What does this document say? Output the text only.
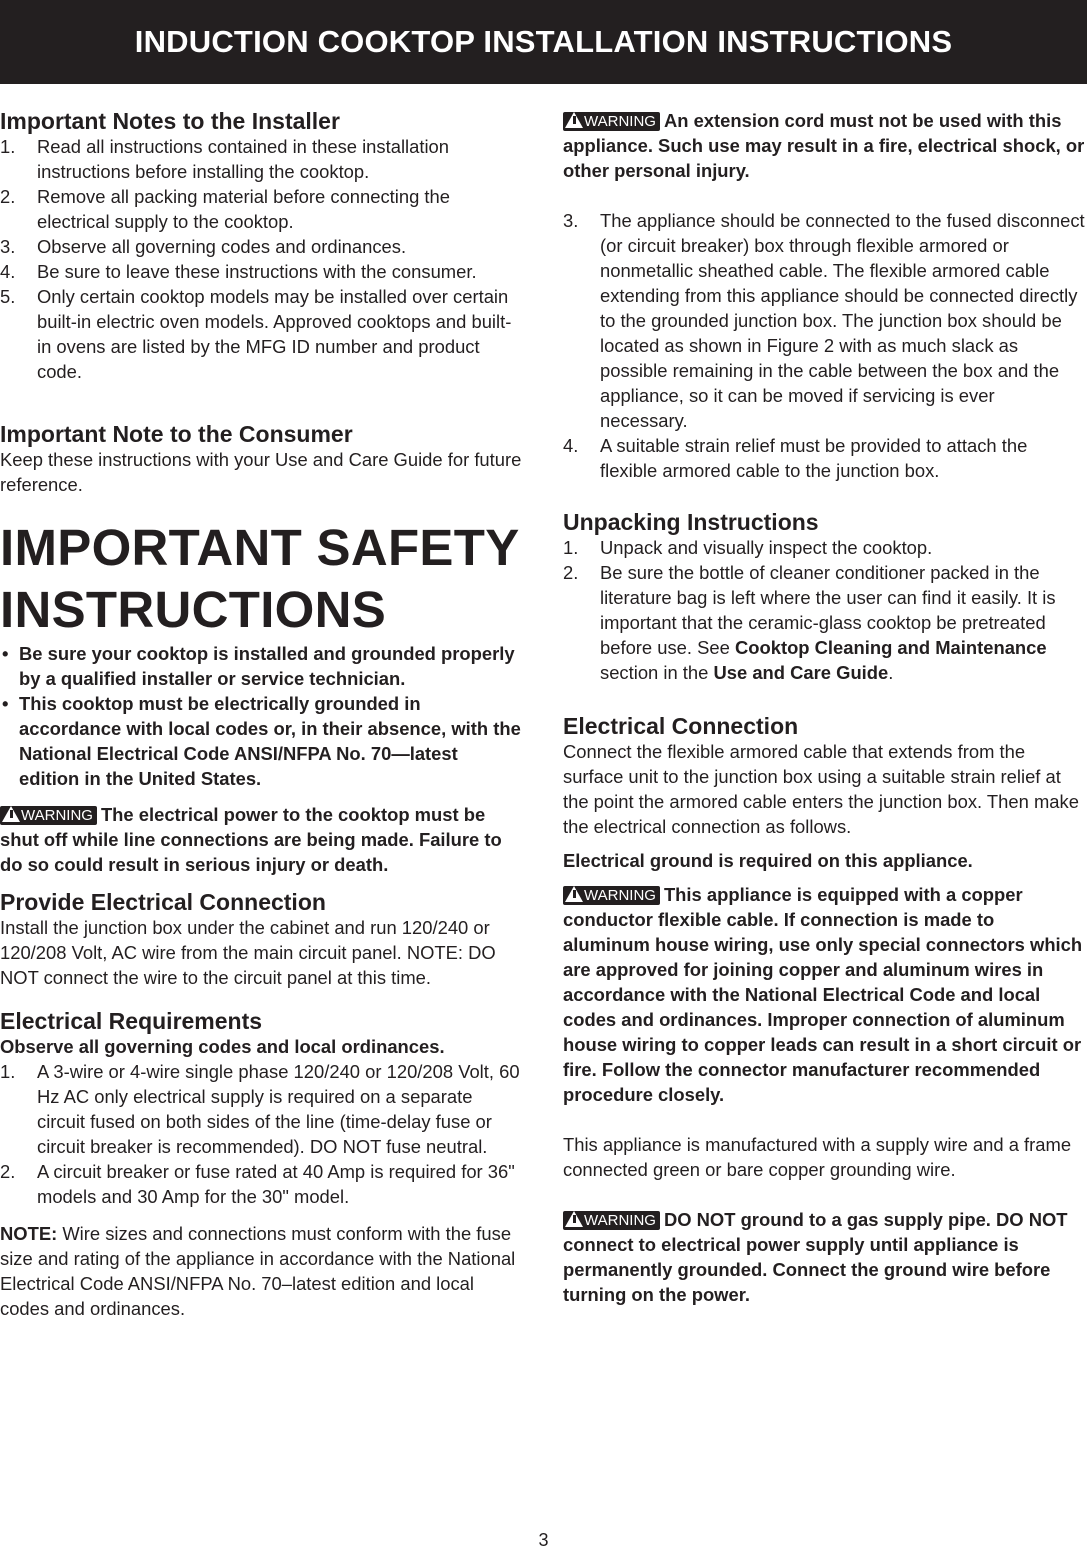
INDUCTION COOKTOP INSTALLATION INSTRUCTIONS
Important Notes to the Installer
1. Read all instructions contained in these installation instructions before installing the cooktop.
2. Remove all packing material before connecting the electrical supply to the cooktop.
3. Observe all governing codes and ordinances.
4. Be sure to leave these instructions with the consumer.
5. Only certain cooktop models may be installed over certain built-in electric oven models. Approved cooktops and built-in ovens are listed by the MFG ID number and product code.
Important Note to the Consumer

Keep these instructions with your Use and Care Guide for future reference.

IMPORTANT SAFETY INSTRUCTIONS

• Be sure your cooktop is installed and grounded properly by a qualified installer or service technician.
• This cooktop must be electrically grounded in accordance with local codes or, in their absence, with the National Electrical Code ANSI/NFPA No. 70—latest edition in the United States.

WARNING The electrical power to the cooktop must be shut off while line connections are being made. Failure to do so could result in serious injury or death.

Provide Electrical Connection

Install the junction box under the cabinet and run 120/240 or 120/208 Volt, AC wire from the main circuit panel. NOTE: DO NOT connect the wire to the circuit panel at this time.

Electrical Requirements

Observe all governing codes and local ordinances.

1. A 3-wire or 4-wire single phase 120/240 or 120/208 Volt, 60 Hz AC only electrical supply is required on a separate circuit fused on both sides of the line (time-delay fuse or circuit breaker is recommended). DO NOT fuse neutral.
2. A circuit breaker or fuse rated at 40 Amp is required for 36" models and 30 Amp for the 30" model.

NOTE: Wire sizes and connections must conform with the fuse size and rating of the appliance in accordance with the National Electrical Code ANSI/NFPA No. 70–latest edition and local codes and ordinances.

WARNING An extension cord must not be used with this appliance. Such use may result in a fire, electrical shock, or other personal injury.

3. The appliance should be connected to the fused disconnect (or circuit breaker) box through flexible armored or nonmetallic sheathed cable. The flexible armored cable extending from this appliance should be connected directly to the grounded junction box. The junction box should be located as shown in Figure 2 with as much slack as possible remaining in the cable between the box and the appliance, so it can be moved if servicing is ever necessary.
4. A suitable strain relief must be provided to attach the flexible armored cable to the junction box.
Unpacking Instructions
1. Unpack and visually inspect the cooktop.
2. Be sure the bottle of cleaner conditioner packed in the literature bag is left where the user can find it easily. It is important that the ceramic-glass cooktop be pretreated before use. See Cooktop Cleaning and Maintenance section in the Use and Care Guide.
Electrical Connection

Connect the flexible armored cable that extends from the surface unit to the junction box using a suitable strain relief at the point the armored cable enters the junction box. Then make the electrical connection as follows.

Electrical ground is required on this appliance.

WARNING This appliance is equipped with a copper conductor flexible cable. If connection is made to aluminum house wiring, use only special connectors which are approved for joining copper and aluminum wires in accordance with the National Electrical Code and local codes and ordinances. Improper connection of aluminum house wiring to copper leads can result in a short circuit or fire. Follow the connector manufacturer recommended procedure closely.

This appliance is manufactured with a supply wire and a frame connected green or bare copper grounding wire.

WARNING DO NOT ground to a gas supply pipe. DO NOT connect to electrical power supply until appliance is permanently grounded. Connect the ground wire before turning on the power.

3
